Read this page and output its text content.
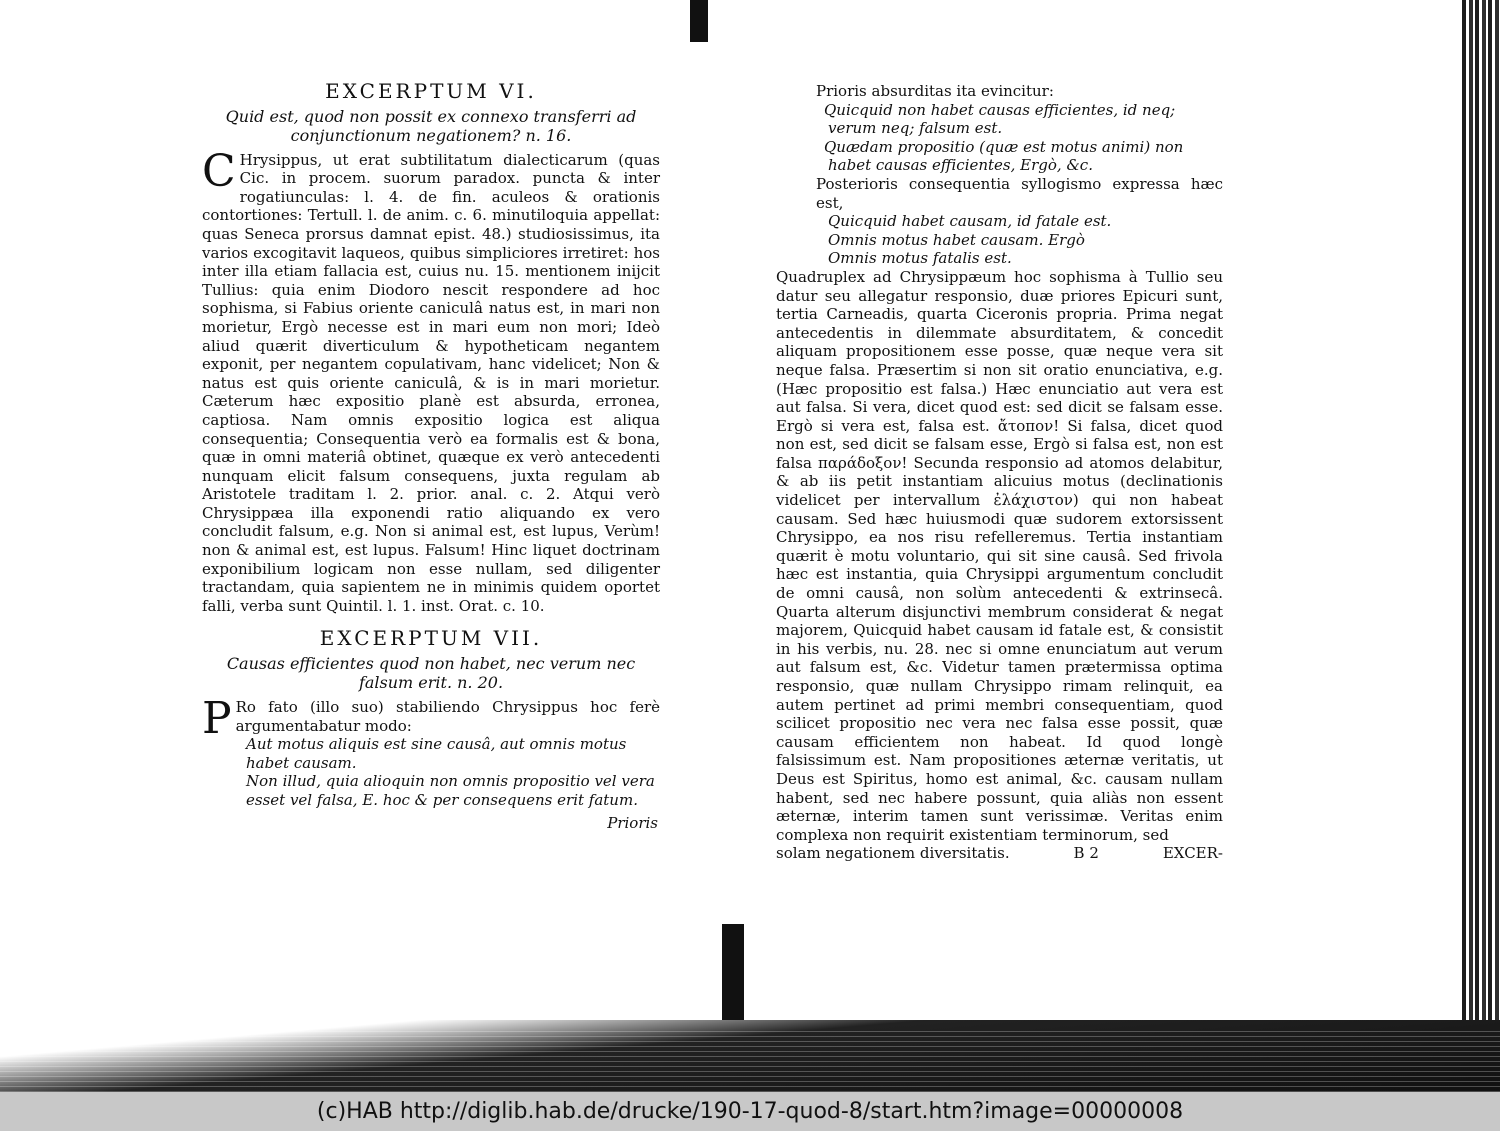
EXCERPTUM VI.
Quid est, quod non possit ex connexo transferri ad conjunctionum negationem? n. 16.

C Hrysippus, ut erat subtilitatum dialecticarum (quas Cic. in procem. suorum paradox. puncta & inter rogatiunculas: l. 4. de fin. aculeos & orationis contortiones: Tertull. l. de anim. c. 6. minutiloquia appellat: quas Seneca prorsus damnat epist. 48.) studiosissimus, ita varios excogitavit laqueos, quibus simpliciores irretiret: hos inter illa etiam fallacia est, cuius nu. 15. mentionem inijcit Tullius: quia enim Diodoro nescit respondere ad hoc sophisma, si Fabius oriente caniculâ natus est, in mari non morietur, Ergò necesse est in mari eum non mori; Ideò aliud quærit diverticulum & hypotheticam negantem exponit, per negantem copulativam, hanc videlicet; Non & natus est quis oriente caniculâ, & is in mari morietur. Cæterum hæc expositio planè est absurda, erronea, captiosa. Nam omnis expositio logica est aliqua consequentia; Consequentia verò ea formalis est & bona, quæ in omni materiâ obtinet, quæque ex verò antecedenti nunquam elicit falsum consequens, juxta regulam ab Aristotele traditam l. 2. prior. anal. c. 2. Atqui verò Chrysippæa illa exponendi ratio aliquando ex vero concludit falsum, e.g. Non si animal est, est lupus, Verùm! non & animal est, est lupus. Falsum! Hinc liquet doctrinam exponibilium logicam non esse nullam, sed diligenter tractandam, quia sapientem ne in minimis quidem oportet falli, verba sunt Quintil. l. 1. inst. Orat. c. 10.

EXCERPTUM VII.
Causas efficientes quod non habet, nec verum nec falsum erit. n. 20.

P Ro fato (illo suo) stabiliendo Chrysippus hoc ferè argumentabatur modo:

Aut motus aliquis est sine causâ, aut omnis motus habet causam.

Non illud, quia alioquin non omnis propositio vel vera esset vel falsa, E. hoc & per consequens erit fatum.

Prioris

Prioris absurditas ita evincitur:

Quicquid non habet causas efficientes, id neq; verum neq; falsum est.

Quædam propositio (quæ est motus animi) non habet causas efficientes, Ergò, &c.

Posterioris consequentia syllogismo expressa hæc est,

Quicquid habet causam, id fatale est.

Omnis motus habet causam. Ergò

Omnis motus fatalis est.

Quadruplex ad Chrysippæum hoc sophisma à Tullio seu datur seu allegatur responsio, duæ priores Epicuri sunt, tertia Carneadis, quarta Ciceronis propria. Prima negat antecedentis in dilemmate absurditatem, & concedit aliquam propositionem esse posse, quæ neque vera sit neque falsa. Præsertim si non sit oratio enunciativa, e.g. (Hæc propositio est falsa.) Hæc enunciatio aut vera est aut falsa. Si vera, dicet quod est: sed dicit se falsam esse. Ergò si vera est, falsa est. ἄτοπον! Si falsa, dicet quod non est, sed dicit se falsam esse, Ergò si falsa est, non est falsa παράδοξον! Secunda responsio ad atomos delabitur, & ab iis petit instantiam alicuius motus (declinationis videlicet per intervallum ἐλάχιστον) qui non habeat causam. Sed hæc huiusmodi quæ sudorem extorsissent Chrysippo, ea nos risu refelleremus. Tertia instantiam quærit è motu voluntario, qui sit sine causâ. Sed frivola hæc est instantia, quia Chrysippi argumentum concludit de omni causâ, non solùm antecedenti & extrinsecâ. Quarta alterum disjunctivi membrum considerat & negat majorem, Quicquid habet causam id fatale est, & consistit in his verbis, nu. 28. nec si omne enunciatum aut verum aut falsum est, &c. Videtur tamen prætermissa optima responsio, quæ nullam Chrysippo rimam relinquit, ea autem pertinet ad primi membri consequentiam, quod scilicet propositio nec vera nec falsa esse possit, quæ causam efficientem non habeat. Id quod longè falsissimum est. Nam propositiones æternæ veritatis, ut Deus est Spiritus, homo est animal, &c. causam nullam habent, sed nec habere possunt, quia aliàs non essent æternæ, interim tamen sunt verissimæ. Veritas enim complexa non requirit existentiam terminorum, sed

solam negationem diversitatis.	B 2	EXCER-
(c)HAB http://diglib.hab.de/drucke/190-17-quod-8/start.htm?image=00000008
